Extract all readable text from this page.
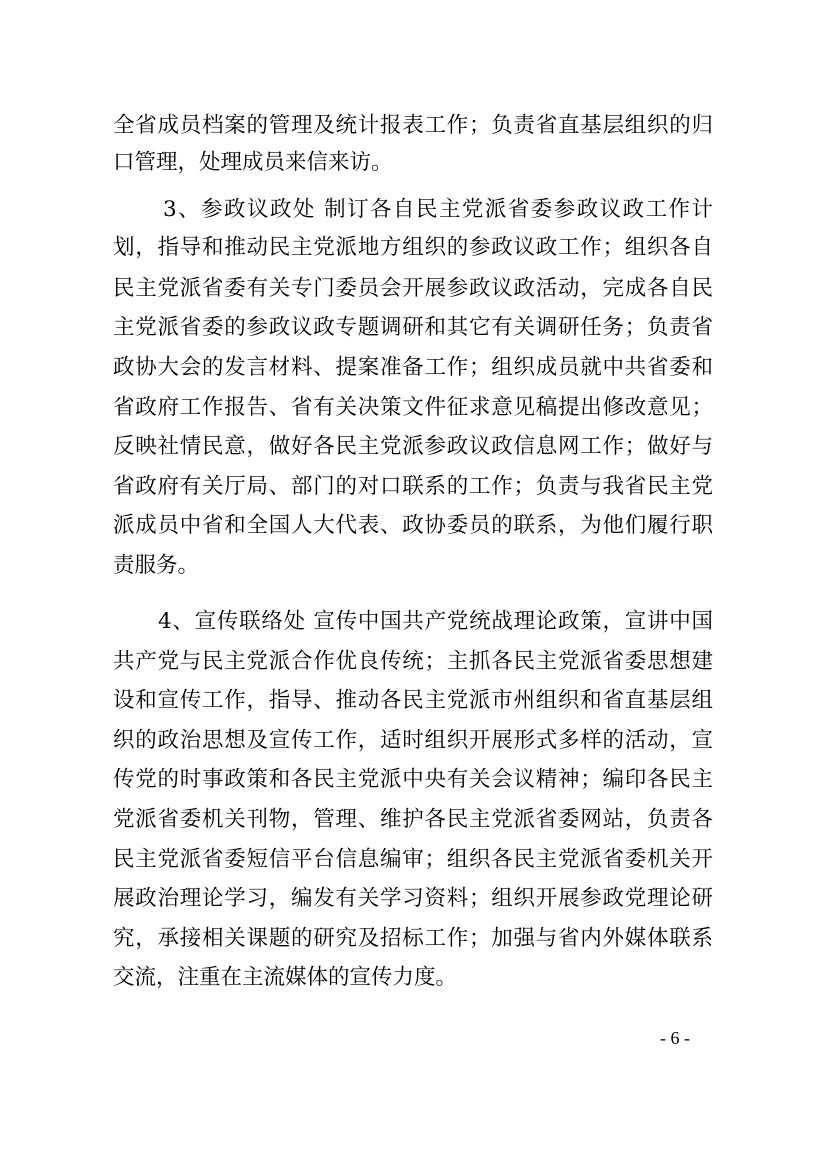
全省成员档案的管理及统计报表工作；负责省直基层组织的归
口管理，处理成员来信来访。
3、参政议政处 制订各自民主党派省委参政议政工作计
划，指导和推动民主党派地方组织的参政议政工作；组织各自
民主党派省委有关专门委员会开展参政议政活动，完成各自民
主党派省委的参政议政专题调研和其它有关调研任务；负责省
政协大会的发言材料、提案准备工作；组织成员就中共省委和
省政府工作报告、省有关决策文件征求意见稿提出修改意见；
反映社情民意，做好各民主党派参政议政信息网工作；做好与
省政府有关厅局、部门的对口联系的工作；负责与我省民主党
派成员中省和全国人大代表、政协委员的联系，为他们履行职
责服务。
4、宣传联络处 宣传中国共产党统战理论政策，宣讲中国
共产党与民主党派合作优良传统；主抓各民主党派省委思想建
设和宣传工作，指导、推动各民主党派市州组织和省直基层组
织的政治思想及宣传工作，适时组织开展形式多样的活动，宣
传党的时事政策和各民主党派中央有关会议精神；编印各民主
党派省委机关刊物，管理、维护各民主党派省委网站，负责各
民主党派省委短信平台信息编审；组织各民主党派省委机关开
展政治理论学习，编发有关学习资料；组织开展参政党理论研
究，承接相关课题的研究及招标工作；加强与省内外媒体联系
交流，注重在主流媒体的宣传力度。
- 6 -
